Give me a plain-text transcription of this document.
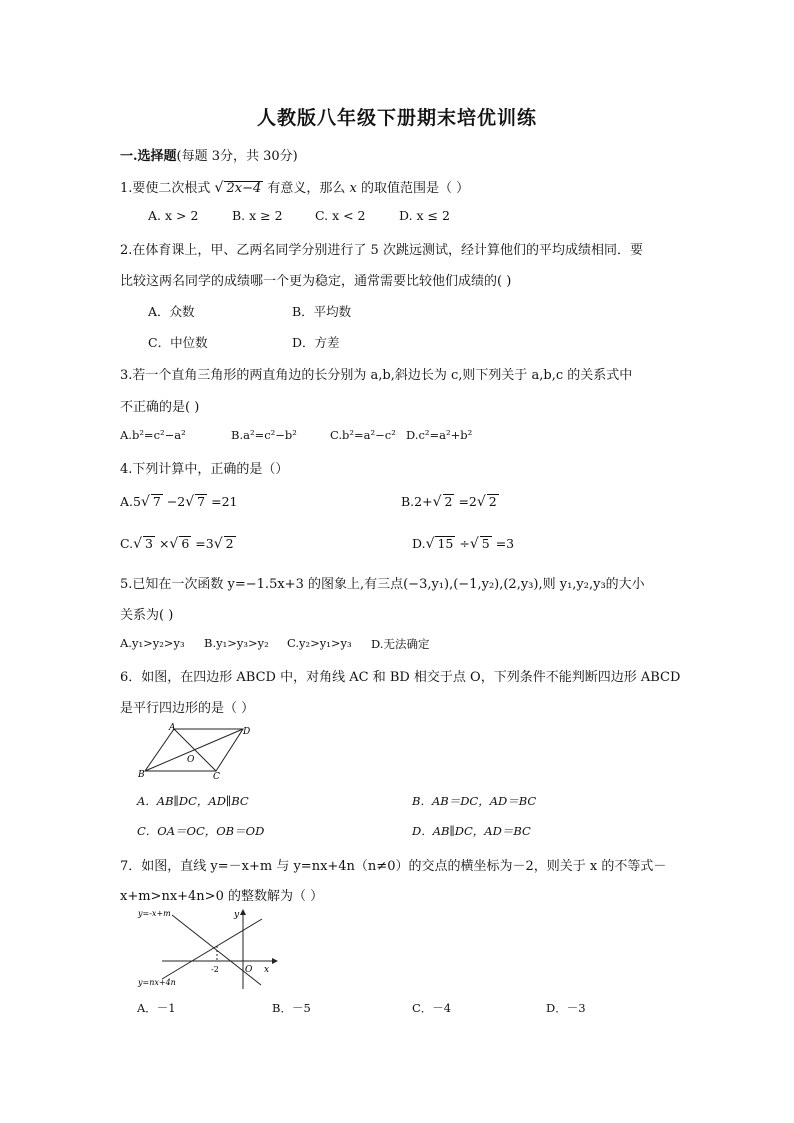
人教版八年级下册期末培优训练
一.选择题(每题 3分，共 30分)
1.要使二次根式 √ 2x−4 有意义，那么 x 的取值范围是（ ）
A. x > 2	B. x ≥ 2	C. x < 2	D. x ≤ 2
2.在体育课上，甲、乙两名同学分别进行了 5 次跳远测试，经计算他们的平均成绩相同．要
比较这两名同学的成绩哪一个更为稳定，通常需要比较他们成绩的( )
A．众数	B．平均数
C．中位数	D．方差
3.若一个直角三角形的两直角边的长分别为 a,b,斜边长为 c,则下列关于 a,b,c 的关系式中
不正确的是( )
A.b²=c²−a²	B.a²=c²−b²	C.b²=a²−c² D.c²=a²+b²
4.下列计算中，正确的是（）
A.5√ 7 −2√ 7 =21	B.2+√ 2 =2√ 2
C.√ 3 ×√ 6 =3√ 2	D.√ 15 ÷√ 5 =3
5.已知在一次函数 y=−1.5x+3 的图象上,有三点(−3,y₁),(−1,y₂),(2,y₃),则 y₁,y₂,y₃的大小
关系为( )
A.y₁>y₂>y₃ B.y₁>y₃>y₂ C.y₂>y₁>y₃ D.无法确定
6．如图，在四边形 ABCD 中，对角线 AC 和 BD 相交于点 O，下列条件不能判断四边形 ABCD
是平行四边形的是（ ）
A	D
B	C
O
A．AB∥DC，AD∥BC	B．AB＝DC，AD＝BC
C．OA＝OC，OB＝OD	D．AB∥DC，AD＝BC
7．如图，直线 y=－x+m 与 y=nx+4n（n≠0）的交点的横坐标为－2，则关于 x 的不等式－
x+m>nx+4n>0 的整数解为（ ）
y=-x+m
y=nx+4n
y
x
O
-2
A．－1	B．－5	C．－4	D．－3
